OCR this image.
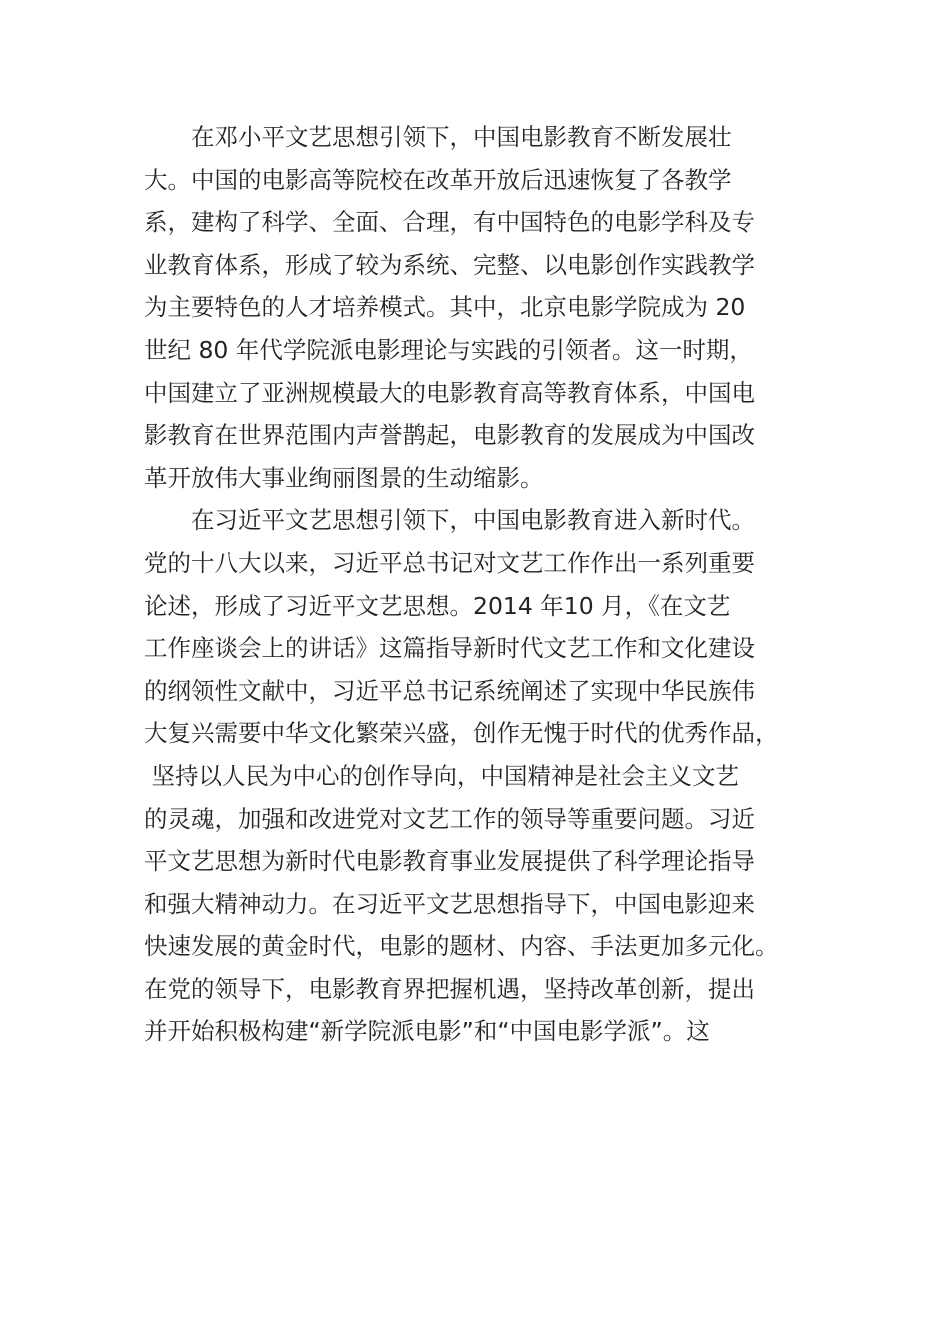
　　在邓小平文艺思想引领下，中国电影教育不断发展壮
大。中国的电影高等院校在改革开放后迅速恢复了各教学
系，建构了科学、全面、合理，有中国特色的电影学科及专
业教育体系，形成了较为系统、完整、以电影创作实践教学
为主要特色的人才培养模式。其中，北京电影学院成为 20
世纪 80 年代学院派电影理论与实践的引领者。这一时期，
中国建立了亚洲规模最大的电影教育高等教育体系，中国电
影教育在世界范围内声誉鹊起，电影教育的发展成为中国改
革开放伟大事业绚丽图景的生动缩影。
　　在习近平文艺思想引领下，中国电影教育进入新时代。
党的十八大以来，习近平总书记对文艺工作作出一系列重要
论述，形成了习近平文艺思想。2014 年10 月，《在文艺
工作座谈会上的讲话》这篇指导新时代文艺工作和文化建设
的纲领性文献中，习近平总书记系统阐述了实现中华民族伟
大复兴需要中华文化繁荣兴盛，创作无愧于时代的优秀作品，
坚持以人民为中心的创作导向，中国精神是社会主义文艺
的灵魂，加强和改进党对文艺工作的领导等重要问题。习近
平文艺思想为新时代电影教育事业发展提供了科学理论指导
和强大精神动力。在习近平文艺思想指导下，中国电影迎来
快速发展的黄金时代，电影的题材、内容、手法更加多元化。
在党的领导下，电影教育界把握机遇，坚持改革创新，提出
并开始积极构建“新学院派电影”和“中国电影学派”。这
